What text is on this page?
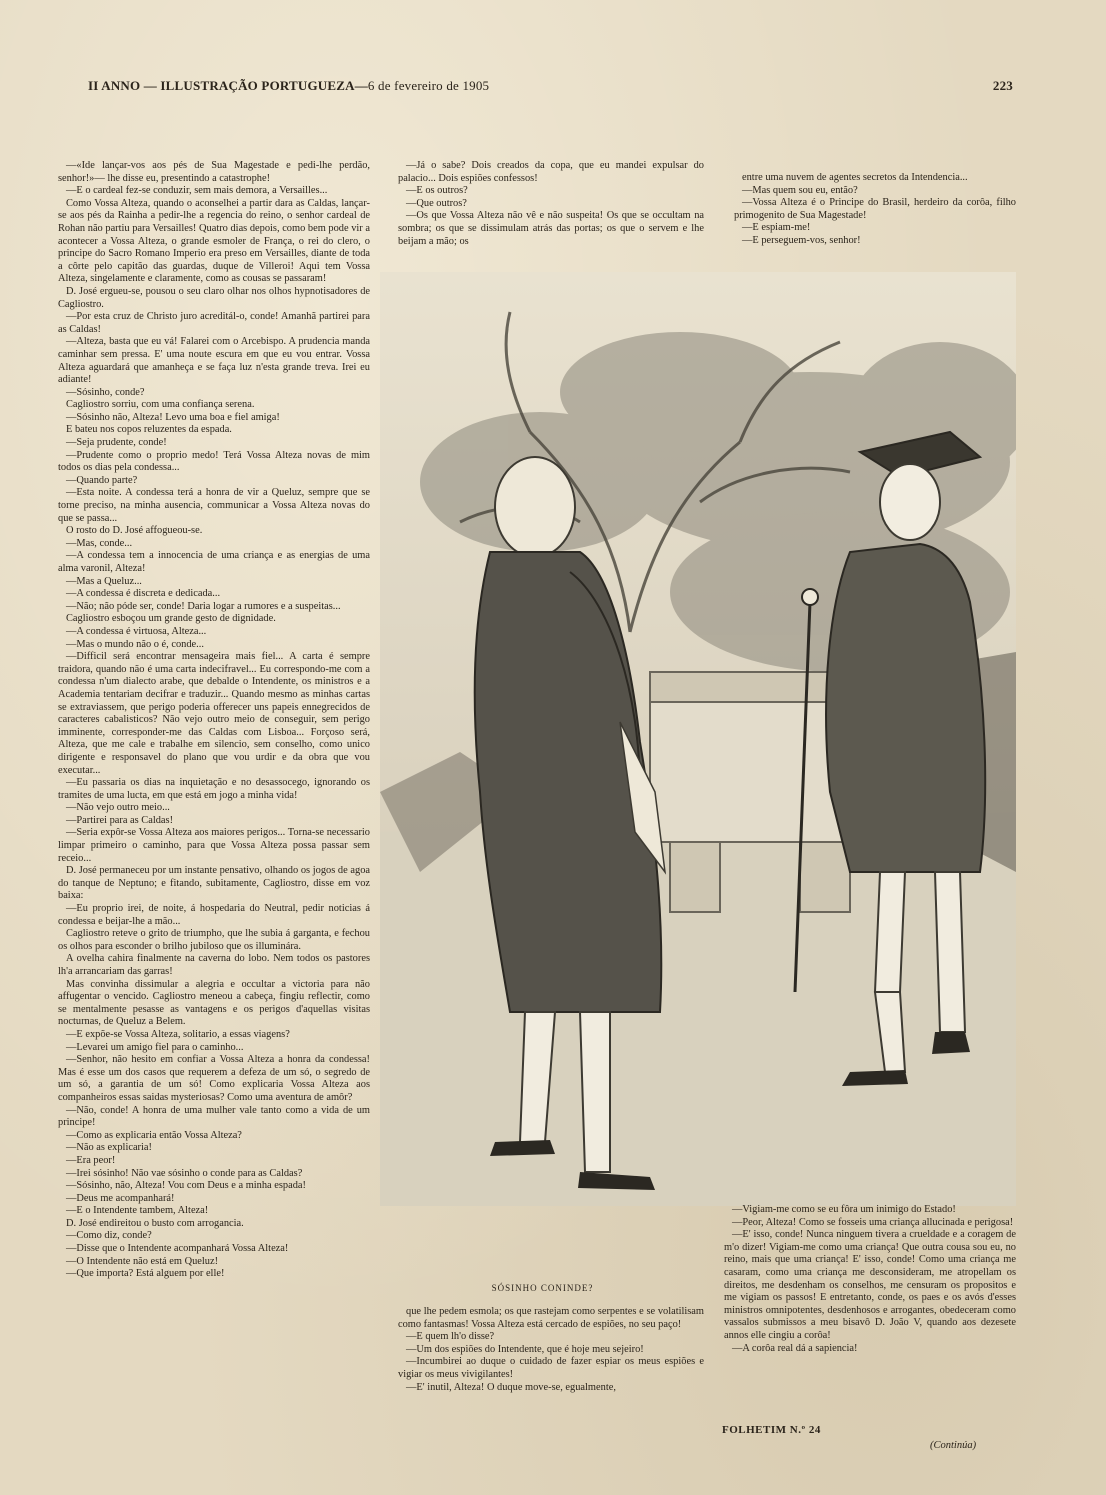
II ANNO — ILLUSTRAÇÃO PORTUGUEZA—6 de fevereiro de 1905	223

—«Ide lançar-vos aos pés de Sua Magestade e pedi-lhe perdão, senhor!»— lhe disse eu, presentindo a catastrophe!

—E o cardeal fez-se conduzir, sem mais demora, a Versailles...

Como Vossa Alteza, quando o aconselhei a partir dara as Caldas, lançar-se aos pés da Rainha a pedir-lhe a regencia do reino, o senhor cardeal de Rohan não partiu para Versailles! Quatro dias depois, como bem pode vir a acontecer a Vossa Alteza, o grande esmoler de França, o rei do clero, o principe do Sacro Romano Imperio era preso em Versailles, diante de toda a côrte pelo capitão das guardas, duque de Villeroi! Aqui tem Vossa Alteza, singelamente e claramente, como as cousas se passaram!

D. José ergueu-se, pousou o seu claro olhar nos olhos hypnotisadores de Cagliostro.

—Por esta cruz de Christo juro acreditál-o, conde! Amanhã partirei para as Caldas!

—Alteza, basta que eu vá! Falarei com o Arcebispo. A prudencia manda caminhar sem pressa. E' uma noute escura em que eu vou entrar. Vossa Alteza aguardará que amanheça e se faça luz n'esta grande treva. Irei eu adiante!

—Sósinho, conde?

Cagliostro sorriu, com uma confiança serena.

—Sósinho não, Alteza! Levo uma boa e fiel amiga!

E bateu nos copos reluzentes da espada.

—Seja prudente, conde!

—Prudente como o proprio medo! Terá Vossa Alteza novas de mim todos os dias pela condessa...

—Quando parte?

—Esta noite. A condessa terá a honra de vir a Queluz, sempre que se torne preciso, na minha ausencia, communicar a Vossa Alteza novas do que se passa...

O rosto do D. José affogueou-se.

—Mas, conde...

—A condessa tem a innocencia de uma criança e as energias de uma alma varonil, Alteza!

—Mas a Queluz...

—A condessa é discreta e dedicada...

—Não; não póde ser, conde! Daria logar a rumores e a suspeitas...

Cagliostro esboçou um grande gesto de dignidade.

—A condessa é virtuosa, Alteza...

—Mas o mundo não o é, conde...

—Difficil será encontrar mensageira mais fiel... A carta é sempre traidora, quando não é uma carta indecifravel... Eu correspondo-me com a condessa n'um dialecto arabe, que debalde o Intendente, os ministros e a Academia tentariam decifrar e traduzir... Quando mesmo as minhas cartas se extraviassem, que perigo poderia offerecer uns papeis ennegrecidos de caracteres cabalisticos? Não vejo outro meio de conseguir, sem perigo imminente, corresponder-me das Caldas com Lisboa... Forçoso será, Alteza, que me cale e trabalhe em silencio, sem conselho, como unico dirigente e responsavel do plano que vou urdir e da obra que vou executar...

—Eu passaria os dias na inquietação e no desassocego, ignorando os tramites de uma lucta, em que está em jogo a minha vida!

—Não vejo outro meio...

—Partirei para as Caldas!

—Seria expôr-se Vossa Alteza aos maiores perigos... Torna-se necessario limpar primeiro o caminho, para que Vossa Alteza possa passar sem receio...

D. José permaneceu por um instante pensativo, olhando os jogos de agoa do tanque de Neptuno; e fitando, subitamente, Cagliostro, disse em voz baixa:

—Eu proprio irei, de noite, á hospedaria do Neutral, pedir noticias á condessa e beijar-lhe a mão...

Cagliostro reteve o grito de triumpho, que lhe subia á garganta, e fechou os olhos para esconder o brilho jubiloso que os illuminára.

A ovelha cahira finalmente na caverna do lobo. Nem todos os pastores lh'a arrancariam das garras!

Mas convinha dissimular a alegria e occultar a victoria para não affugentar o vencido. Cagliostro meneou a cabeça, fingiu reflectir, como se mentalmente pesasse as vantagens e os perigos d'aquellas visitas nocturnas, de Queluz a Belem.

—E expõe-se Vossa Alteza, solitario, a essas viagens?

—Levarei um amigo fiel para o caminho...

—Senhor, não hesito em confiar a Vossa Alteza a honra da condessa! Mas é esse um dos casos que requerem a defeza de um só, o segredo de um só, a garantia de um só! Como explicaria Vossa Alteza aos companheiros essas saidas mysteriosas? Como uma aventura de amôr?

—Não, conde! A honra de uma mulher vale tanto como a vida de um principe!

—Como as explicaria então Vossa Alteza?

—Não as explicaria!

—Era peor!

—Irei sósinho! Não vae sósinho o conde para as Caldas?

—Sósinho, não, Alteza! Vou com Deus e a minha espada!

—Deus me acompanhará!

—E o Intendente tambem, Alteza!

D. José endireitou o busto com arrogancia.

—Como diz, conde?

—Disse que o Intendente acompanhará Vossa Alteza!

—O Intendente não está em Queluz!

—Que importa? Está alguem por elle!

—Já o sabe? Dois creados da copa, que eu mandei expulsar do palacio... Dois espiões confessos!

—E os outros?

—Que outros?

—Os que Vossa Alteza não vê e não suspeita! Os que se occultam na sombra; os que se dissimulam atrás das portas; os que o servem e lhe beijam a mão; os

entre uma nuvem de agentes secretos da Intendencia...

—Mas quem sou eu, então?

—Vossa Alteza é o Principe do Brasil, herdeiro da corôa, filho primogenito de Sua Magestade!

—E espiam-me!

—E perseguem-vos, senhor!

SÓSINHO CONINDE?

—Vigiam-me como se eu fôra um inimigo do Estado!

—Peor, Alteza! Como se fosseis uma criança allucinada e perigosa!

—E' isso, conde! Nunca ninguem tivera a crueldade e a coragem de m'o dizer! Vigiam-me como uma criança! Que outra cousa sou eu, no reino, mais que uma criança! E' isso, conde! Como uma criança me casaram, como uma criança me desconsideram, me atropellam os direitos, me desdenham os conselhos, me censuram os propositos e me vigiam os passos! E entretanto, conde, os paes e os avós d'esses ministros omnipotentes, desdenhosos e arrogantes, obedeceram como vassalos submissos a meu bisavô D. João V, quando aos dezesete annos elle cingiu a corôa!

—A corôa real dá a sapiencia!

que lhe pedem esmola; os que rastejam como serpentes e se volatilisam como fantasmas! Vossa Alteza está cercado de espiões, no seu paço!

—E quem lh'o disse?

—Um dos espiões do Intendente, que é hoje meu sejeiro!

—Incumbirei ao duque o cuidado de fazer espiar os meus espiões e vigiar os meus vivigilantes!

—E' inutil, Alteza! O duque move-se, egualmente,

FOLHETIM N.º 24
(Continúa)
